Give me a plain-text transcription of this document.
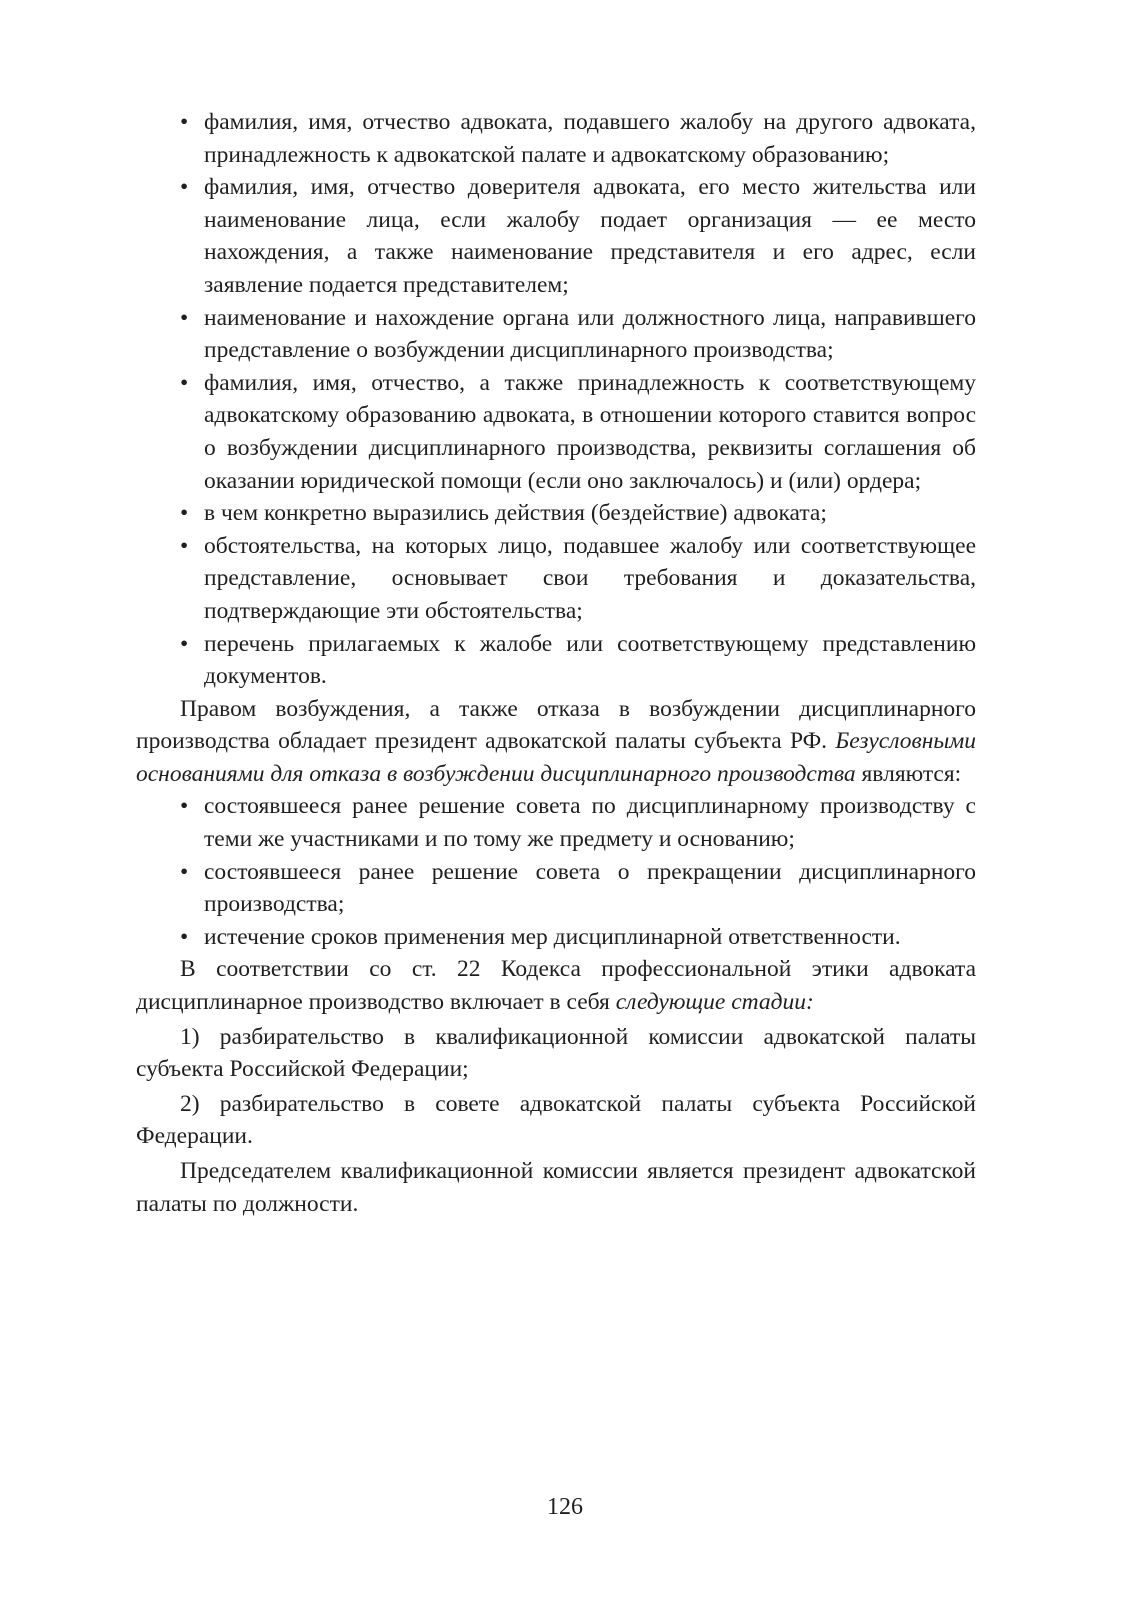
• фамилия, имя, отчество адвоката, подавшего жалобу на другого адвоката, принадлежность к адвокатской палате и адвокатскому образованию;
• фамилия, имя, отчество доверителя адвоката, его место жительства или наименование лица, если жалобу подает организация — ее место нахождения, а также наименование представителя и его адрес, если заявление подается представителем;
• наименование и нахождение органа или должностного лица, направившего представление о возбуждении дисциплинарного производства;
• фамилия, имя, отчество, а также принадлежность к соответствующему адвокатскому образованию адвоката, в отношении которого ставится вопрос о возбуждении дисциплинарного производства, реквизиты соглашения об оказании юридической помощи (если оно заключалось) и (или) ордера;
• в чем конкретно выразились действия (бездействие) адвоката;
• обстоятельства, на которых лицо, подавшее жалобу или соответствующее представление, основывает свои требования и доказательства, подтверждающие эти обстоятельства;
• перечень прилагаемых к жалобе или соответствующему представлению документов.

Правом возбуждения, а также отказа в возбуждении дисциплинарного производства обладает президент адвокатской палаты субъекта РФ. Безусловными основаниями для отказа в возбуждении дисциплинарного производства являются:

• состоявшееся ранее решение совета по дисциплинарному производству с теми же участниками и по тому же предмету и основанию;
• состоявшееся ранее решение совета о прекращении дисциплинарного производства;
• истечение сроков применения мер дисциплинарной ответственности.

В соответствии со ст. 22 Кодекса профессиональной этики адвоката дисциплинарное производство включает в себя следующие стадии:

1) разбирательство в квалификационной комиссии адвокатской палаты субъекта Российской Федерации;

2) разбирательство в совете адвокатской палаты субъекта Российской Федерации.

Председателем квалификационной комиссии является президент адвокатской палаты по должности.

126
